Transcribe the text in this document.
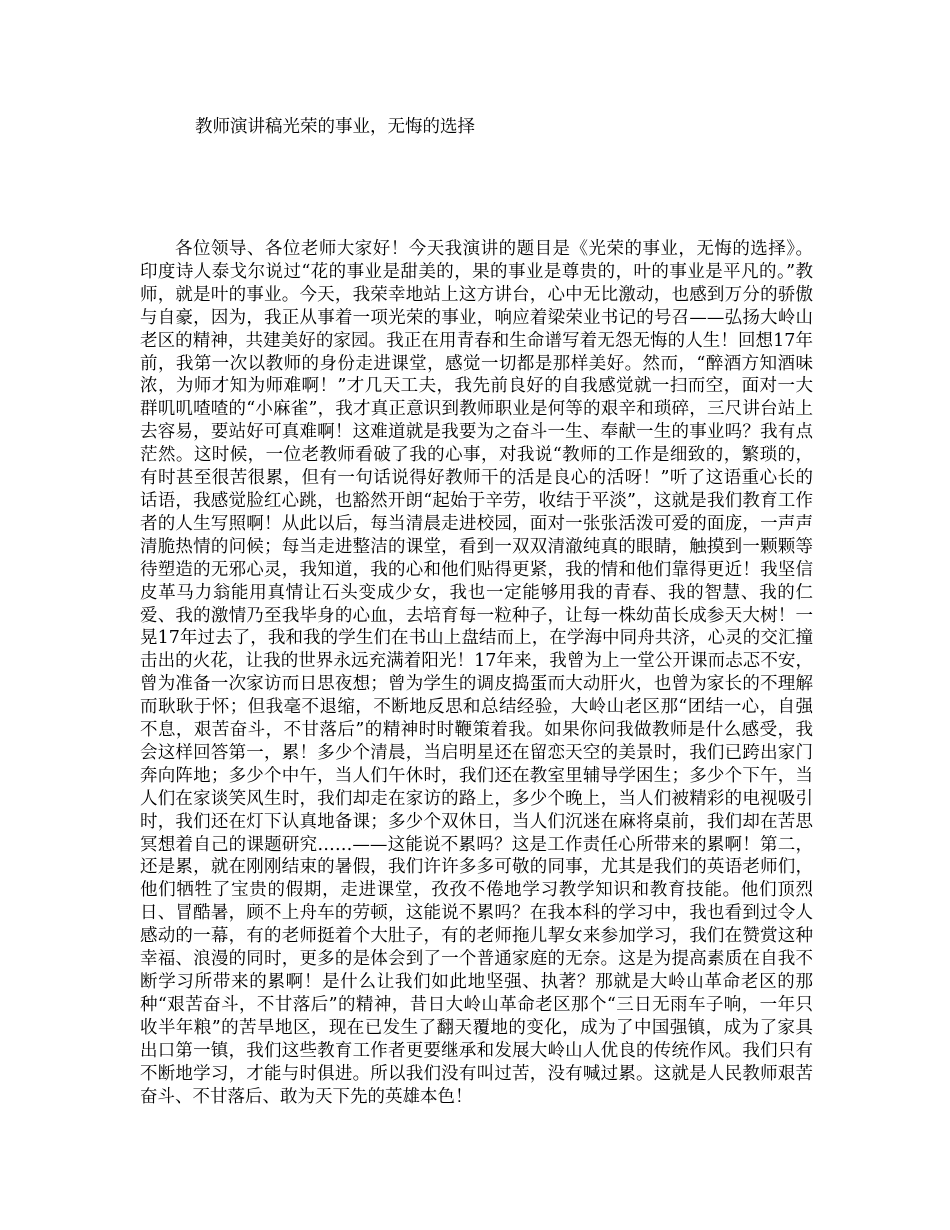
教师演讲稿光荣的事业，无悔的选择

各位领导、各位老师大家好！今天我演讲的题目是《光荣的事业，无悔的选择》。印度诗人泰戈尔说过“花的事业是甜美的，果的事业是尊贵的，叶的事业是平凡的。”教师，就是叶的事业。今天，我荣幸地站上这方讲台，心中无比激动，也感到万分的骄傲与自豪，因为，我正从事着一项光荣的事业，响应着梁荣业书记的号召——弘扬大岭山老区的精神，共建美好的家园。我正在用青春和生命谱写着无怨无悔的人生！回想17年前，我第一次以教师的身份走进课堂，感觉一切都是那样美好。然而，“醉酒方知酒味浓，为师才知为师难啊！”才几天工夫，我先前良好的自我感觉就一扫而空，面对一大群叽叽喳喳的“小麻雀”，我才真正意识到教师职业是何等的艰辛和琐碎，三尺讲台站上去容易，要站好可真难啊！这难道就是我要为之奋斗一生、奉献一生的事业吗？我有点茫然。这时候，一位老教师看破了我的心事，对我说“教师的工作是细致的，繁琐的，有时甚至很苦很累，但有一句话说得好教师干的活是良心的活呀！”听了这语重心长的话语，我感觉脸红心跳，也豁然开朗“起始于辛劳，收结于平淡”，这就是我们教育工作者的人生写照啊！从此以后，每当清晨走进校园，面对一张张活泼可爱的面庞，一声声清脆热情的问候；每当走进整洁的课堂，看到一双双清澈纯真的眼睛，触摸到一颗颗等待塑造的无邪心灵，我知道，我的心和他们贴得更紧，我的情和他们靠得更近！我坚信皮革马力翁能用真情让石头变成少女，我也一定能够用我的青春、我的智慧、我的仁爱、我的激情乃至我毕身的心血，去培育每一粒种子，让每一株幼苗长成参天大树！一晃17年过去了，我和我的学生们在书山上盘结而上，在学海中同舟共济，心灵的交汇撞击出的火花，让我的世界永远充满着阳光！17年来，我曾为上一堂公开课而忐忑不安，曾为准备一次家访而日思夜想；曾为学生的调皮捣蛋而大动肝火，也曾为家长的不理解而耿耿于怀；但我毫不退缩，不断地反思和总结经验，大岭山老区那“团结一心，自强不息，艰苦奋斗，不甘落后”的精神时时鞭策着我。如果你问我做教师是什么感受，我会这样回答第一，累！多少个清晨，当启明星还在留恋天空的美景时，我们已跨出家门奔向阵地；多少个中午，当人们午休时，我们还在教室里辅导学困生；多少个下午，当人们在家谈笑风生时，我们却走在家访的路上，多少个晚上，当人们被精彩的电视吸引时，我们还在灯下认真地备课；多少个双休日，当人们沉迷在麻将桌前，我们却在苦思冥想着自己的课题研究……——这能说不累吗？这是工作责任心所带来的累啊！第二，还是累，就在刚刚结束的暑假，我们许许多多可敬的同事，尤其是我们的英语老师们，他们牺牲了宝贵的假期，走进课堂，孜孜不倦地学习教学知识和教育技能。他们顶烈日、冒酷暑，顾不上舟车的劳顿，这能说不累吗？在我本科的学习中，我也看到过令人感动的一幕，有的老师挺着个大肚子，有的老师拖儿挈女来参加学习，我们在赞赏这种幸福、浪漫的同时，更多的是体会到了一个普通家庭的无奈。这是为提高素质在自我不断学习所带来的累啊！是什么让我们如此地坚强、执著？那就是大岭山革命老区的那种“艰苦奋斗，不甘落后”的精神，昔日大岭山革命老区那个“三日无雨车子响，一年只收半年粮”的苦旱地区，现在已发生了翻天覆地的变化，成为了中国强镇，成为了家具出口第一镇，我们这些教育工作者更要继承和发展大岭山人优良的传统作风。我们只有不断地学习，才能与时俱进。所以我们没有叫过苦，没有喊过累。这就是人民教师艰苦奋斗、不甘落后、敢为天下先的英雄本色！
